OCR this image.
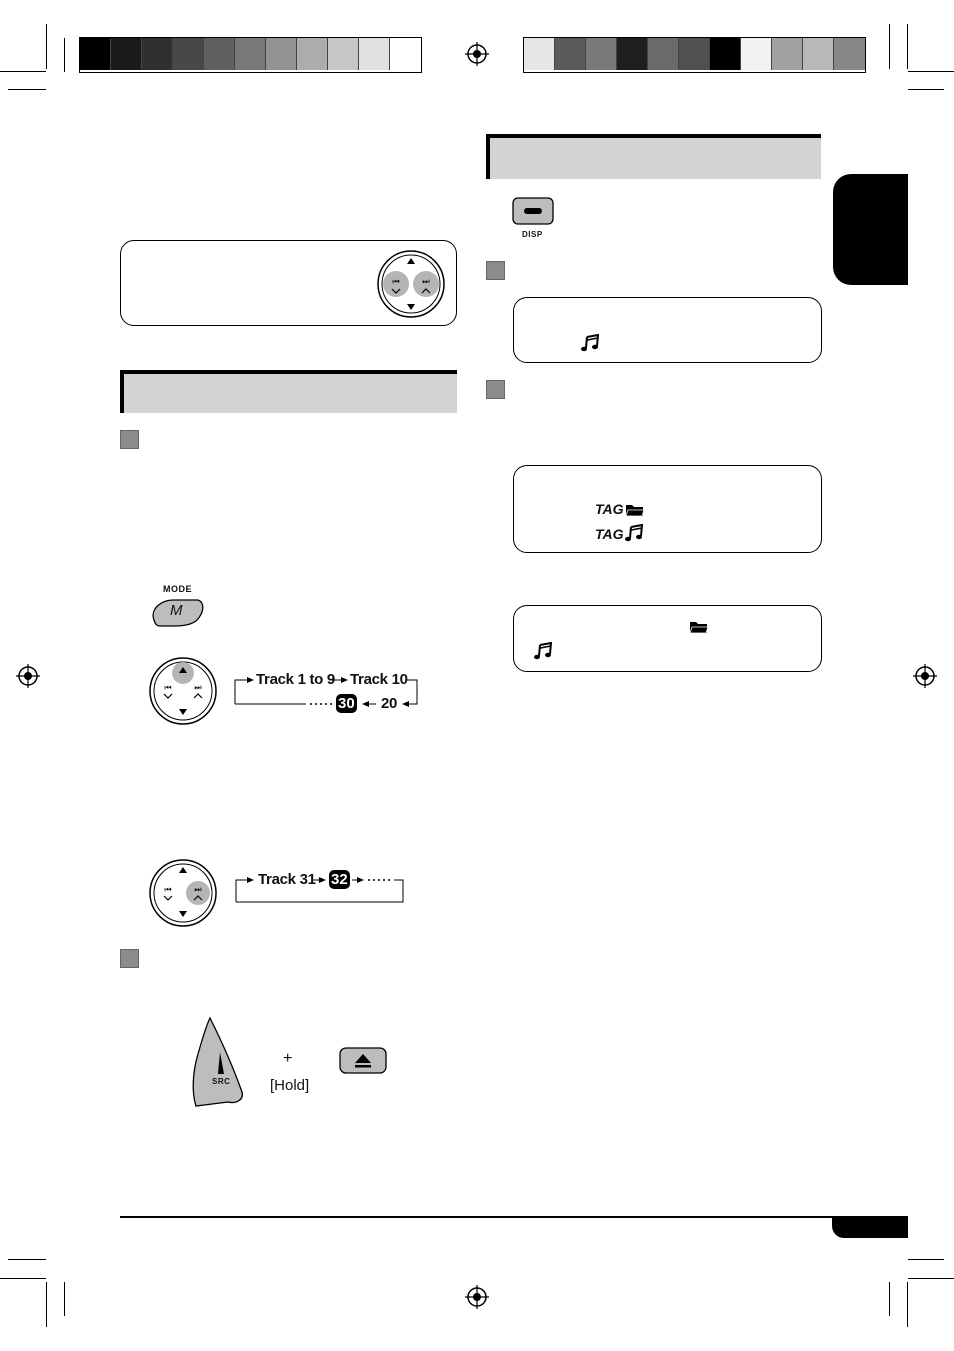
⏮	⏭
MODE
M
⏮	⏭	Track 1 to 9 Track 10
30 20
⏮	⏭
Track 31 32
SRC
+
[Hold]
DISP
TAG
TAG
